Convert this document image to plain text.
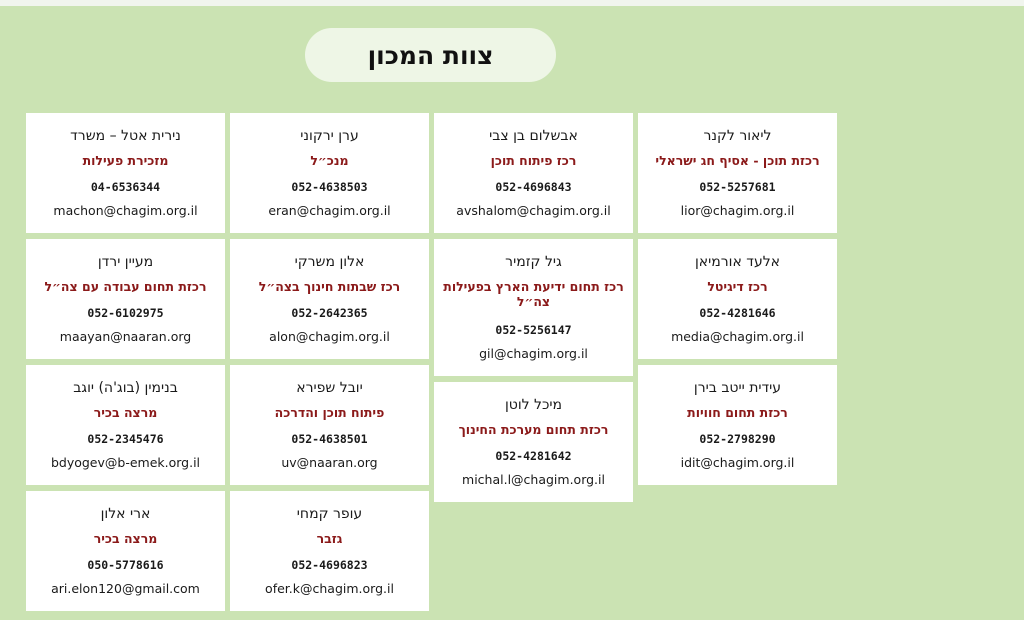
צוות המכון
ליאור לקנר
רכזת תוכן - אסיף חג ישראלי
052-5257681
lior@chagim.org.il
אלעד אורמיאן
רכז דיגיטל
052-4281646
media@chagim.org.il
עידית ייטב בירן
רכזת תחום חוויות
052-2798290
idit@chagim.org.il
אבשלום בן צבי
רכז פיתוח תוכן
052-4696843
avshalom@chagim.org.il
גיל קזמיר
רכז תחום ידיעת הארץ בפעילות צה״ל
052-5256147
gil@chagim.org.il
מיכל לוטן
רכזת תחום מערכת החינוך
052-4281642
michal.l@chagim.org.il
ערן ירקוני
מנכ״ל
052-4638503
eran@chagim.org.il
אלון משרקי
רכז שבתות חינוך בצה״ל
052-2642365
alon@chagim.org.il
יובל שפירא
פיתוח תוכן והדרכה
052-4638501
uv@naaran.org
עופר קמחי
גזבר
052-4696823
ofer.k@chagim.org.il
נירית אטל – משרד
מזכירת פעילות
04-6536344
machon@chagim.org.il
מעיין ירדן
רכזת תחום עבודה עם צה״ל
052-6102975
maayan@naaran.org
בנימין (בוג'ה) יוגב
מרצה בכיר
052-2345476
bdyogev@b-emek.org.il
ארי אלון
מרצה בכיר
050-5778616
ari.elon120@gmail.com
